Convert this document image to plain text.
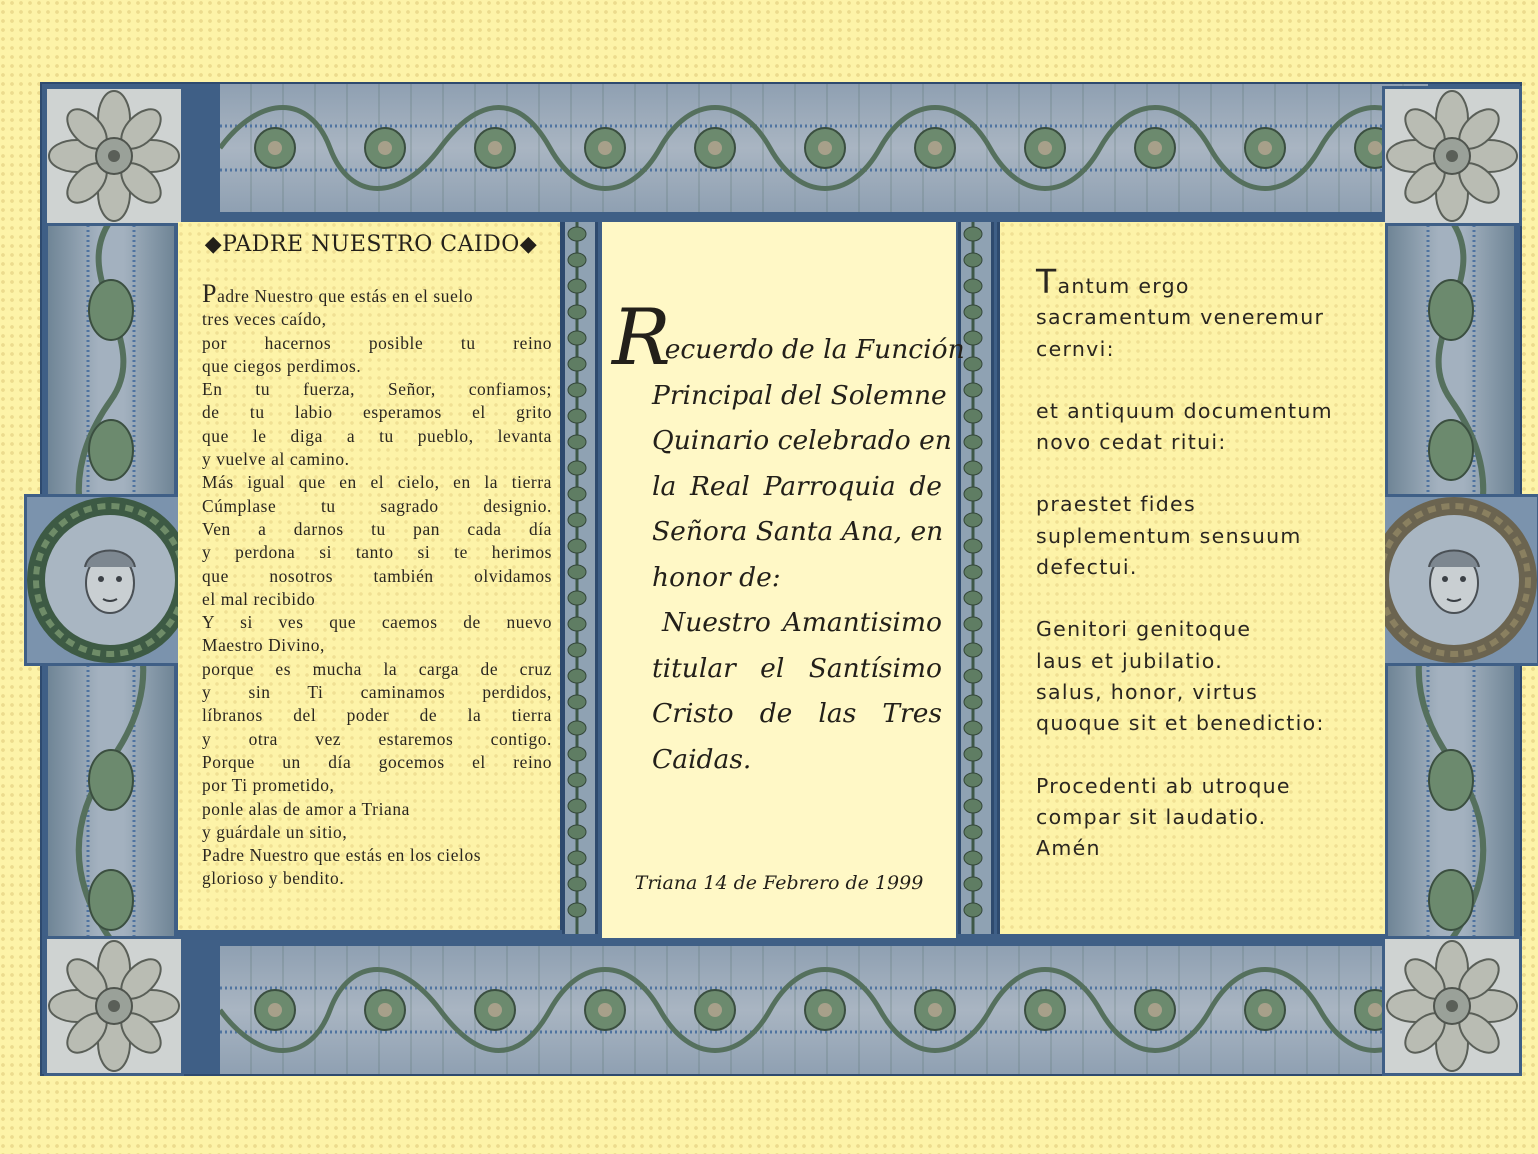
◆PADRE NUESTRO CAIDO◆
Padre Nuestro que estás en el suelo
tres veces caído,
por hacernos posible tu reino
que ciegos perdimos.
En tu fuerza, Señor, confiamos;
de tu labio esperamos el grito
que le diga a tu pueblo, levanta
y vuelve al camino.
Más igual que en el cielo, en la tierra
Cúmplase tu sagrado designio.
Ven a darnos tu pan cada día
y perdona si tanto si te herimos
que nosotros también olvidamos
el mal recibido
Y si ves que caemos de nuevo
Maestro Divino,
porque es mucha la carga de cruz
y sin Ti caminamos perdidos,
líbranos del poder de la tierra
y otra vez estaremos contigo.
Porque un día gocemos el reino
por Ti prometido,
ponle alas de amor a Triana
y guárdale un sitio,
Padre Nuestro que estás en los cielos
glorioso y bendito.
Recuerdo de la Función
Principal del Solemne
Quinario celebrado en
la Real Parroquia de
Señora Santa Ana, en
honor de:
Nuestro Amantisimo
titular el Santísimo
Cristo de las Tres
Caidas.
Triana 14 de Febrero de 1999
Tantum ergo
sacramentum veneremur
cernvi:
et antiquum documentum
novo cedat ritui:
praestet fides
suplementum sensuum
defectui.
Genitori genitoque
laus et jubilatio.
salus, honor, virtus
quoque sit et benedictio:
Procedenti ab utroque
compar sit laudatio.
Amén
